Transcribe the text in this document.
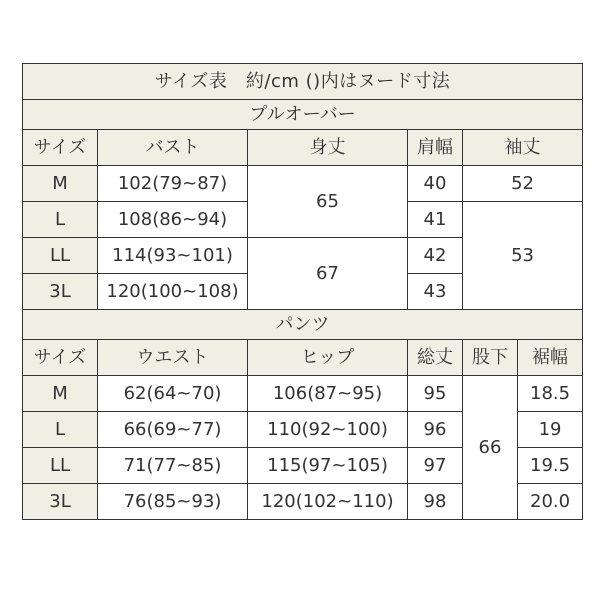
サイズ表　約/cm ()内はヌード寸法					
プルオーバー					
サイズ	バスト	身丈	肩幅	袖丈	
M	102(79~87)	65	40	52	
L	108(86~94)		41	53	
LL	114(93~101)	67	42		
3L	120(100~108)		43		
パンツ					
サイズ	ウエスト	ヒップ	総丈	股下	裾幅
M	62(64~70)	106(87~95)	95	66	18.5
L	66(69~77)	110(92~100)	96		19
LL	71(77~85)	115(97~105)	97		19.5
3L	76(85~93)	120(102~110)	98		20.0
